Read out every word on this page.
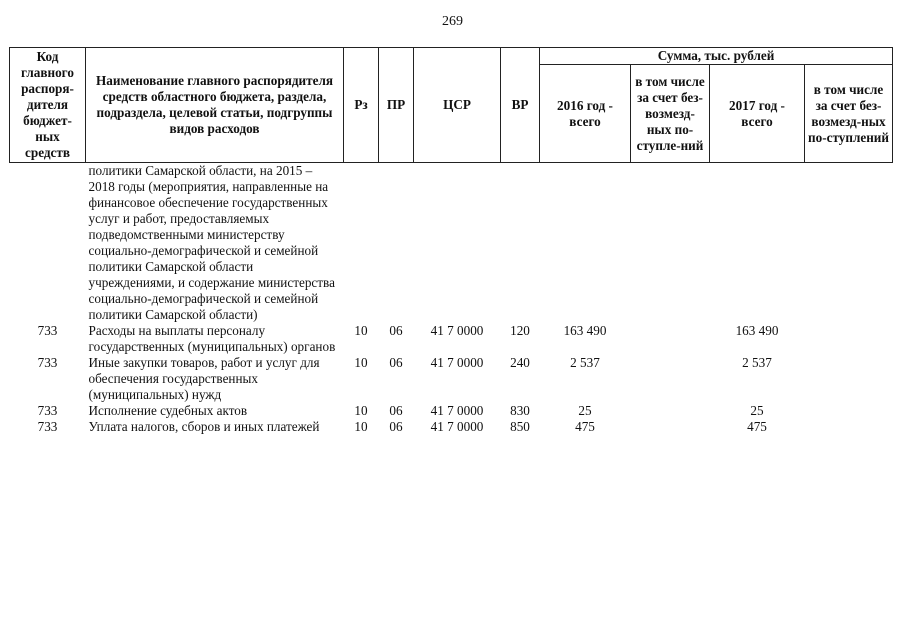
269
Код главного распоря-дителя бюджет-ных средств	Наименование главного распорядителя средств областного бюджета, раздела, подраздела, целевой статьи, подгруппы видов расходов	Рз	ПР	ЦСР	ВР	Сумма, тыс. рублей			
						2016 год - всего	в том числе за счет без-возмезд-ных по-ступле-ний	2017 год - всего	в том числе за счет без-возмезд-ных по-ступлений
	политики Самарской области, на 2015 – 2018 годы (мероприятия, направленные на финансовое обеспечение государственных услуг и работ, предоставляемых подведомственными министерству социально-демографической и семейной политики Самарской области учреждениями, и содержание министерства социально-демографической и семейной политики Самарской области)								
733	Расходы на выплаты персоналу государственных (муниципальных) органов	10	06	41 7 0000	120	163 490		163 490	
733	Иные закупки товаров, работ и услуг для обеспечения государственных (муниципальных) нужд	10	06	41 7 0000	240	2 537		2 537	
733	Исполнение судебных актов	10	06	41 7 0000	830	25		25	
733	Уплата налогов, сборов и иных платежей	10	06	41 7 0000	850	475		475	
